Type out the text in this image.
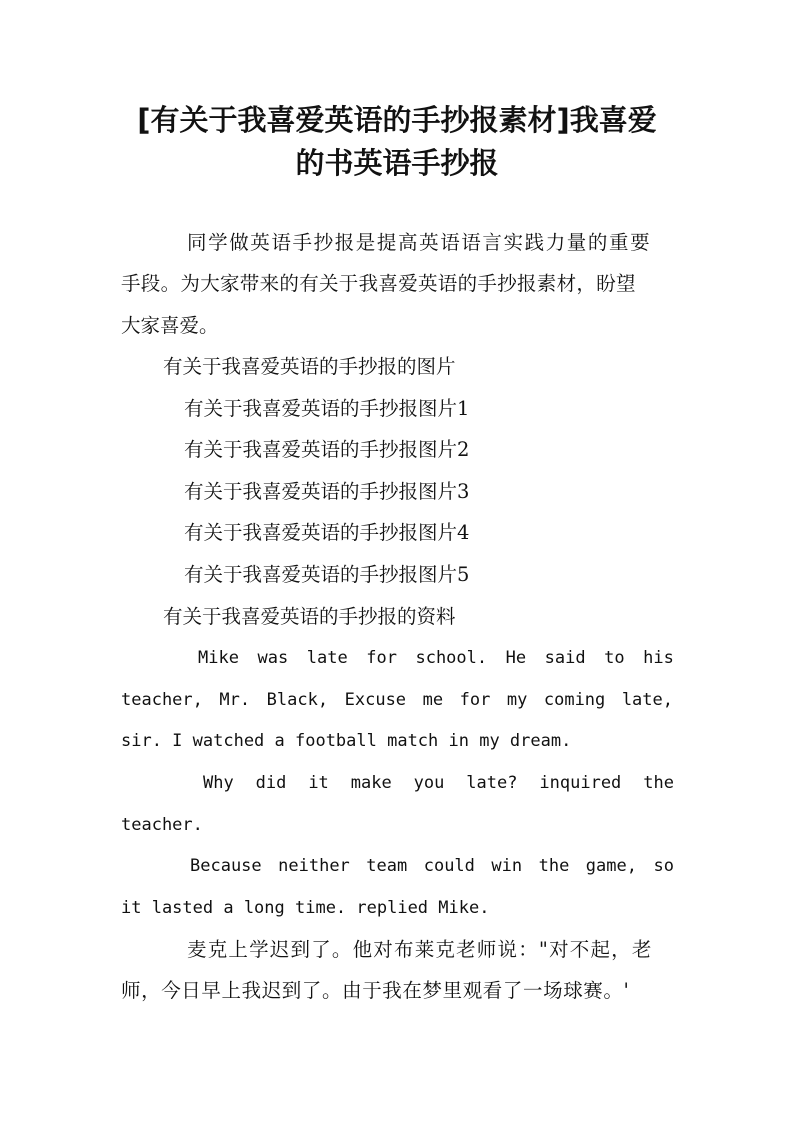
[有关于我喜爱英语的手抄报素材]我喜爱
的书英语手抄报
同学做英语手抄报是提高英语语言实践力量的重要
手段。为大家带来的有关于我喜爱英语的手抄报素材，盼望
大家喜爱。
有关于我喜爱英语的手抄报的图片
有关于我喜爱英语的手抄报图片1
有关于我喜爱英语的手抄报图片2
有关于我喜爱英语的手抄报图片3
有关于我喜爱英语的手抄报图片4
有关于我喜爱英语的手抄报图片5
有关于我喜爱英语的手抄报的资料
Mike was late for school. He said to his
teacher, Mr. Black, Excuse me for my coming late,
sir. I watched a football match in my dream.
Why did it make you late? inquired the
teacher.
Because neither team could win the game, so
it lasted a long time. replied Mike.
麦克上学迟到了。他对布莱克老师说："对不起，老
师，今日早上我迟到了。由于我在梦里观看了一场球赛。'
